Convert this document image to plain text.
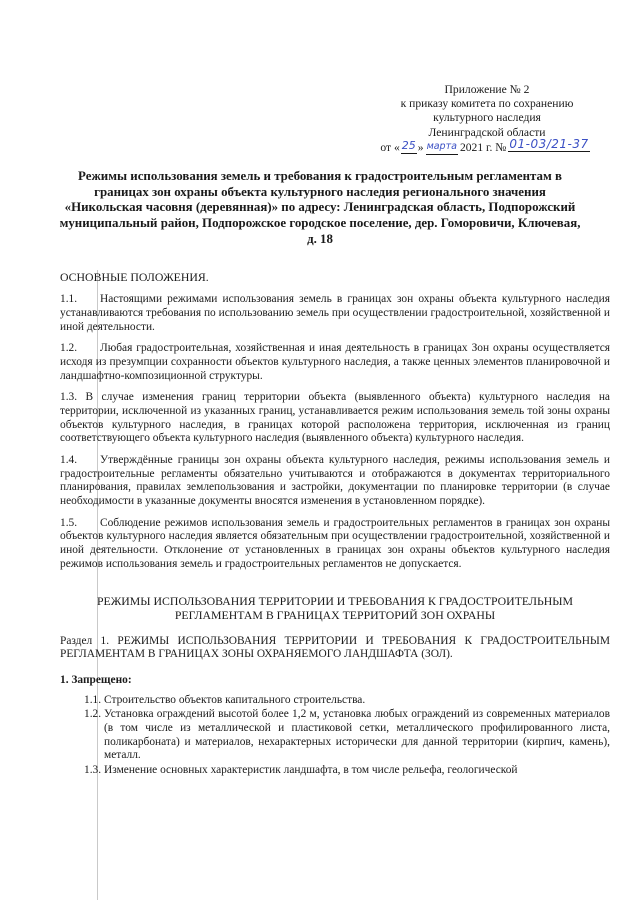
Приложение № 2
к приказу комитета по сохранению
культурного наследия
Ленинградской области
от « 25 » марта 2021 г. № 01-03/21-37
Режимы использования земель и требования к градостроительным регламентам в границах зон охраны объекта культурного наследия регионального значения «Никольская часовня (деревянная)» по адресу: Ленинградская область, Подпорожский муниципальный район, Подпорожское городское поселение, дер. Гоморовичи, Ключевая, д. 18
ОСНОВНЫЕ ПОЛОЖЕНИЯ.

1.1. Настоящими режимами использования земель в границах зон охраны объекта культурного наследия устанавливаются требования по использованию земель при осуществлении градостроительной, хозяйственной и иной деятельности.

1.2. Любая градостроительная, хозяйственная и иная деятельность в границах Зон охраны осуществляется исходя из презумпции сохранности объектов культурного наследия, а также ценных элементов планировочной и ландшафтно-композиционной структуры.

1.3. В случае изменения границ территории объекта (выявленного объекта) культурного наследия на территории, исключенной из указанных границ, устанавливается режим использования земель той зоны охраны объектов культурного наследия, в границах которой расположена территория, исключенная из границ соответствующего объекта культурного наследия (выявленного объекта) культурного наследия.

1.4. Утверждённые границы зон охраны объекта культурного наследия, режимы использования земель и градостроительные регламенты обязательно учитываются и отображаются в документах территориального планирования, правилах землепользования и застройки, документации по планировке территории (в случае необходимости в указанные документы вносятся изменения в установленном порядке).

1.5. Соблюдение режимов использования земель и градостроительных регламентов в границах зон охраны объектов культурного наследия является обязательным при осуществлении градостроительной, хозяйственной и иной деятельности. Отклонение от установленных в границах зон охраны объектов культурного наследия режимов использования земель и градостроительных регламентов не допускается.

РЕЖИМЫ ИСПОЛЬЗОВАНИЯ ТЕРРИТОРИИ И ТРЕБОВАНИЯ К ГРАДОСТРОИТЕЛЬНЫМ РЕГЛАМЕНТАМ В ГРАНИЦАХ ТЕРРИТОРИЙ ЗОН ОХРАНЫ

Раздел 1. РЕЖИМЫ ИСПОЛЬЗОВАНИЯ ТЕРРИТОРИИ И ТРЕБОВАНИЯ К ГРАДОСТРОИТЕЛЬНЫМ РЕГЛАМЕНТАМ В ГРАНИЦАХ ЗОНЫ ОХРАНЯЕМОГО ЛАНДШАФТА (ЗОЛ).

1. Запрещено:
1.1. Строительство объектов капитального строительства.
1.2. Установка ограждений высотой более 1,2 м, установка любых ограждений из современных материалов (в том числе из металлической и пластиковой сетки, металлического профилированного листа, поликарбоната) и материалов, нехарактерных исторически для данной территории (кирпич, камень), металл.
1.3. Изменение основных характеристик ландшафта, в том числе рельефа, геологической
